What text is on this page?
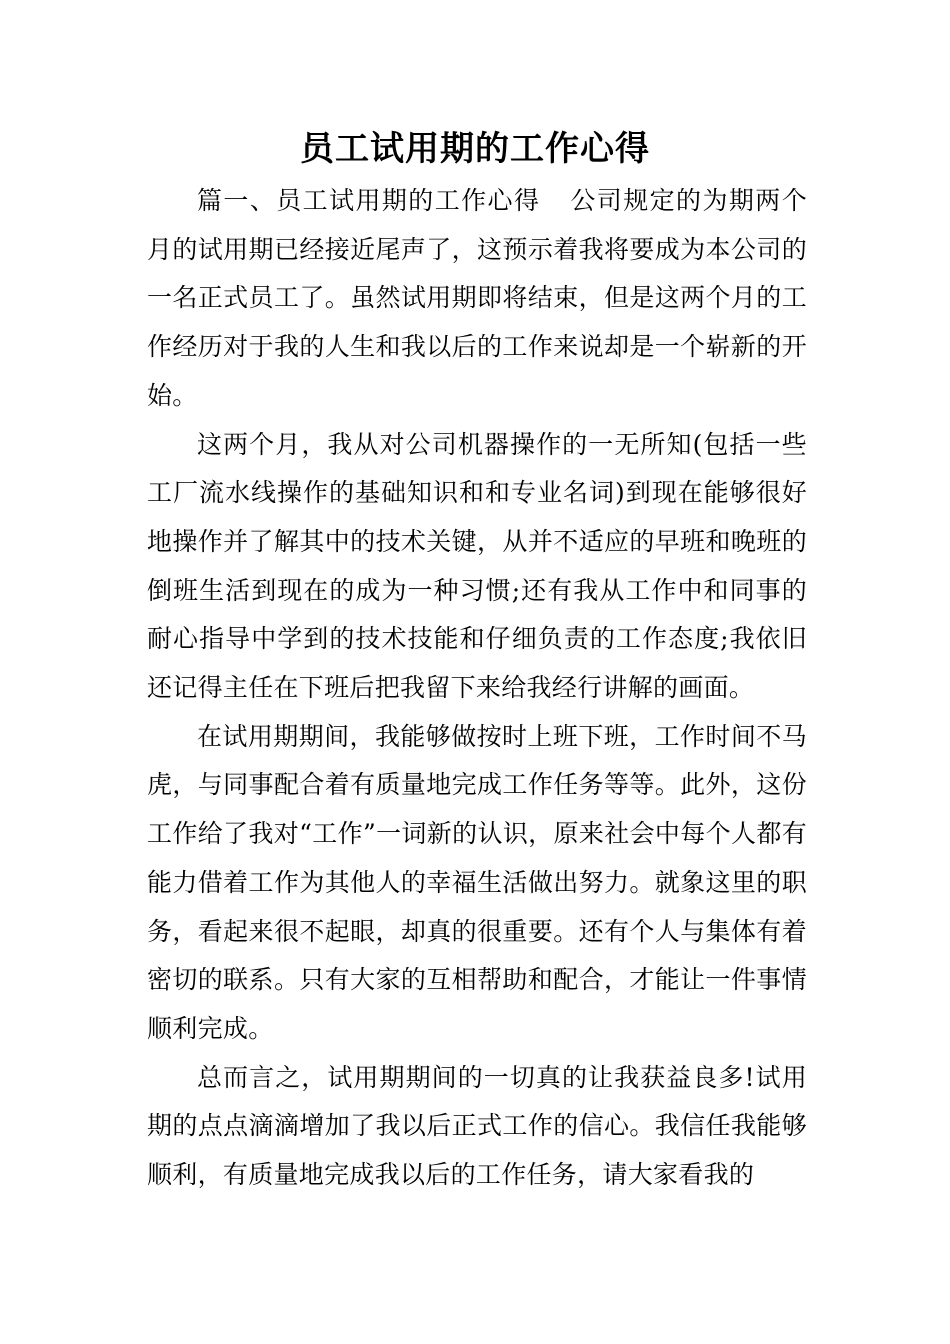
员工试用期的工作心得

篇一、员工试用期的工作心得 公司规定的为期两个月的试用期已经接近尾声了，这预示着我将要成为本公司的一名正式员工了。虽然试用期即将结束，但是这两个月的工作经历对于我的人生和我以后的工作来说却是一个崭新的开始。

这两个月，我从对公司机器操作的一无所知(包括一些工厂流水线操作的基础知识和和专业名词)到现在能够很好地操作并了解其中的技术关键，从并不适应的早班和晚班的倒班生活到现在的成为一种习惯;还有我从工作中和同事的耐心指导中学到的技术技能和仔细负责的工作态度;我依旧还记得主任在下班后把我留下来给我经行讲解的画面。

在试用期期间，我能够做按时上班下班，工作时间不马虎，与同事配合着有质量地完成工作任务等等。此外，这份工作给了我对“工作”一词新的认识，原来社会中每个人都有能力借着工作为其他人的幸福生活做出努力。就象这里的职务，看起来很不起眼，却真的很重要。还有个人与集体有着密切的联系。只有大家的互相帮助和配合，才能让一件事情顺利完成。

总而言之，试用期期间的一切真的让我获益良多!试用期的点点滴滴增加了我以后正式工作的信心。我信任我能够顺利，有质量地完成我以后的工作任务，请大家看我的
